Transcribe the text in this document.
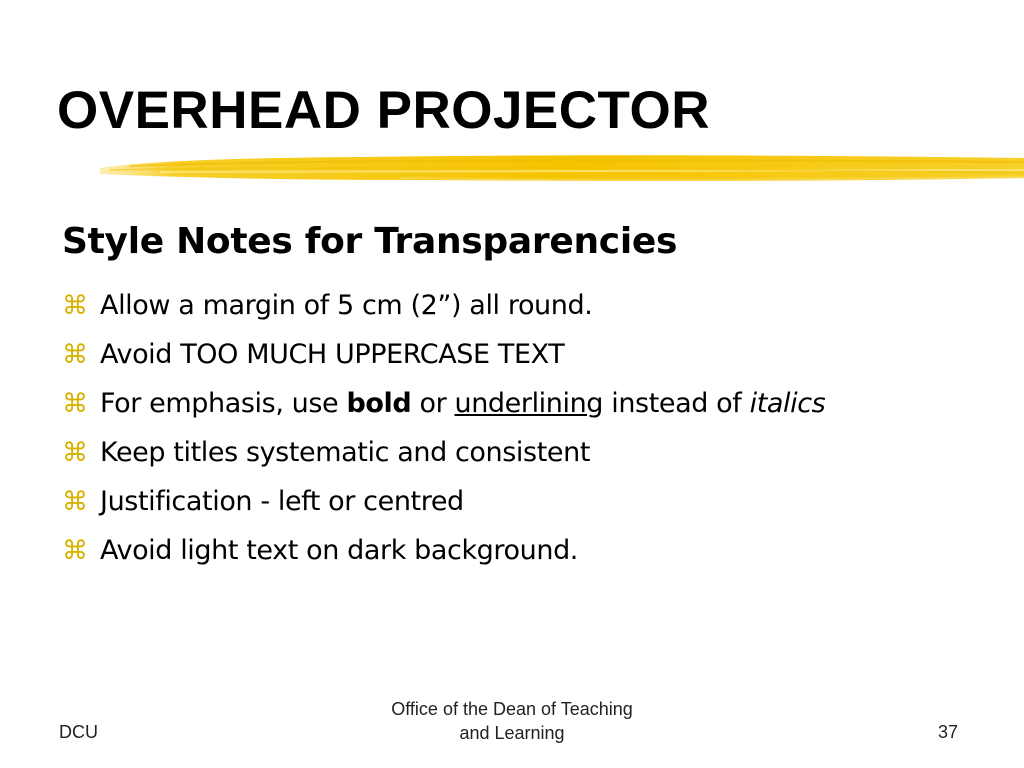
OVERHEAD PROJECTOR
Style Notes for Transparencies
⌘ Allow a margin of 5 cm (2”) all round.
⌘ Avoid TOO MUCH UPPERCASE TEXT
⌘ For emphasis, use bold or underlining instead of italics
⌘ Keep titles systematic and consistent
⌘ Justification - left or centred
⌘ Avoid light text on dark background.
DCU
Office of the Dean of Teaching
and Learning	37
